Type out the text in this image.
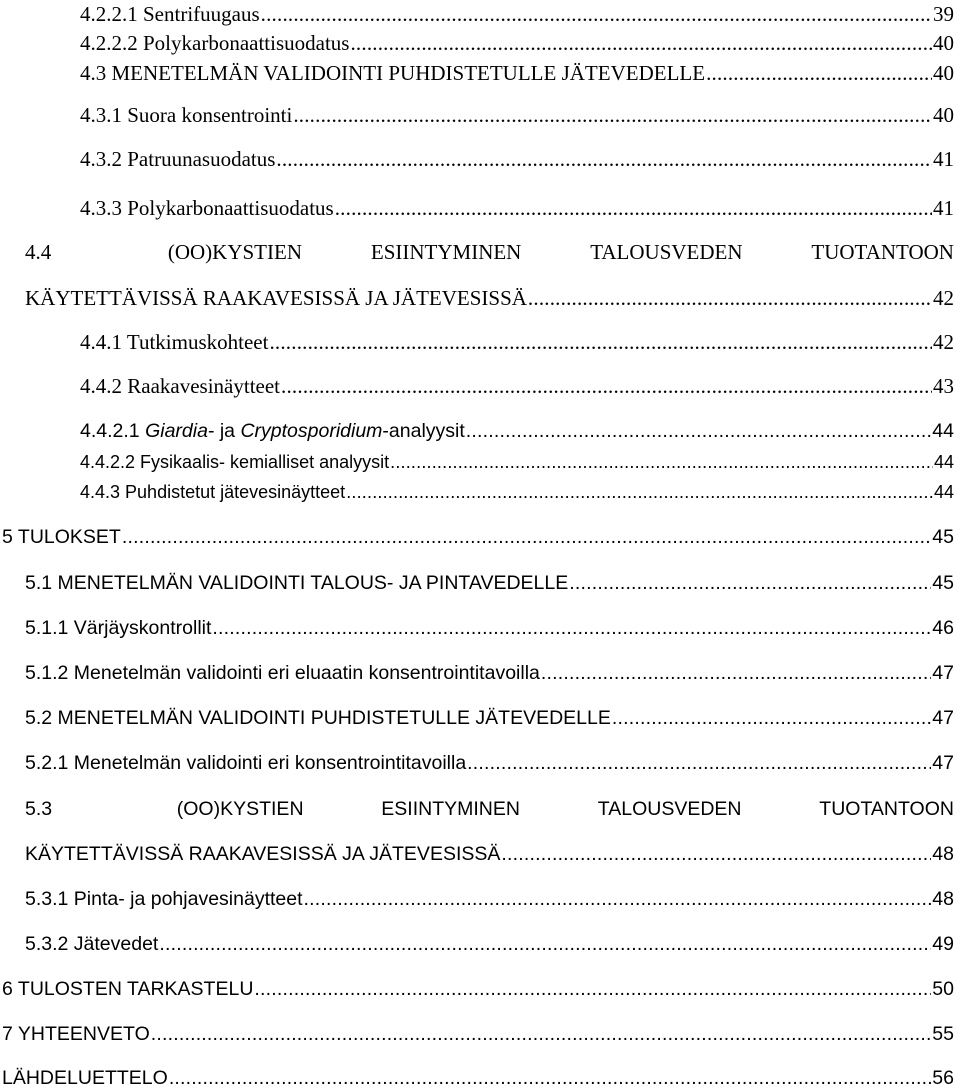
4.2.2.1 Sentrifuugaus .....	39
4.2.2.2 Polykarbonaattisuodatus .....	40
4.3 MENETELMÄN VALIDOINTI PUHDISTETULLE JÄTEVEDELLE .....	40
4.3.1 Suora konsentrointi .....	40
4.3.2 Patruunasuodatus .....	41
4.3.3 Polykarbonaattisuodatus .....	41
4.4	(OO)KYSTIEN	ESIINTYMINEN	TALOUSVEDEN	TUOTANTOON
KÄYTETTÄVISSÄ RAAKAVESISSÄ JA JÄTEVESISSÄ .....	42
4.4.1 Tutkimuskohteet .....	42
4.4.2 Raakavesinäytteet .....	43
4.4.2.1 Giardia- ja Cryptosporidium-analyysit .....	44
4.4.2.2 Fysikaalis- kemialliset analyysit .....	44
4.4.3 Puhdistetut jätevesinäytteet .....	44
5 TULOKSET .....	45
5.1 MENETELMÄN VALIDOINTI TALOUS- JA PINTAVEDELLE .....	45
5.1.1 Värjäyskontrollit .....	46
5.1.2 Menetelmän validointi eri eluaatin konsentrointitavoilla .....	47
5.2 MENETELMÄN VALIDOINTI PUHDISTETULLE JÄTEVEDELLE .....	47
5.2.1 Menetelmän validointi eri konsentrointitavoilla .....	47
5.3	(OO)KYSTIEN	ESIINTYMINEN	TALOUSVEDEN	TUOTANTOON
KÄYTETTÄVISSÄ RAAKAVESISSÄ JA JÄTEVESISSÄ .....	48
5.3.1 Pinta- ja pohjavesinäytteet .....	48
5.3.2 Jätevedet .....	49
6 TULOSTEN TARKASTELU .....	50
7 YHTEENVETO .....	55
LÄHDELUETTELO .....	56
